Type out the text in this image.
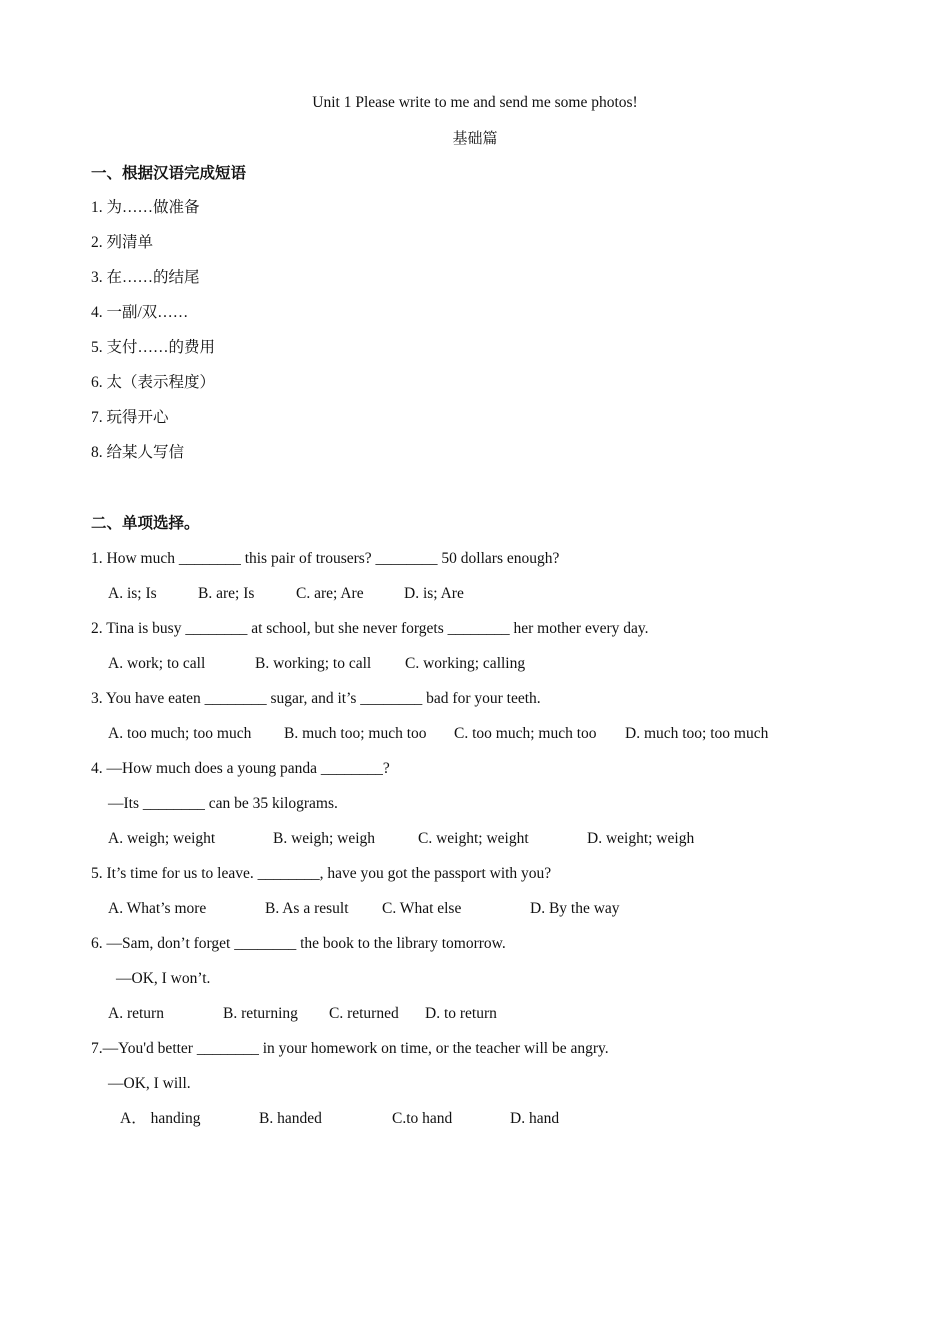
Unit 1 Please write to me and send me some photos!
基础篇
一、根据汉语完成短语
1. 为……做准备
2. 列清单
3. 在……的结尾
4. 一副/双……
5. 支付……的费用
6. 太（表示程度）
7. 玩得开心
8. 给某人写信
二、单项选择。
1. How much ________ this pair of trousers? ________ 50 dollars enough?
A. is; Is	B. are; Is	C. are; Are	D. is; Are
2. Tina is busy ________ at school, but she never forgets ________ her mother every day.
A. work; to call	B. working; to call C. working; calling
3. You have eaten ________ sugar, and it’s ________ bad for your teeth.
A. too much; too much B. much too; much too C. too much; much too D. much too; too much
4. —How much does a young panda ________?
—Its ________ can be 35 kilograms.
A. weigh; weight	B. weigh; weigh	C. weight; weight	D. weight; weigh
5. It’s time for us to leave. ________, have you got the passport with you?
A. What’s more	B. As a result C. What else	D. By the way
6. —Sam, don’t forget ________ the book to the library tomorrow.
—OK, I won’t.
A. return	B. returning C. returned D. to return
7.—You'd better ________ in your homework on time, or the teacher will be angry.
—OK, I will.
A． handing	B. handed	C.to hand	D. hand
